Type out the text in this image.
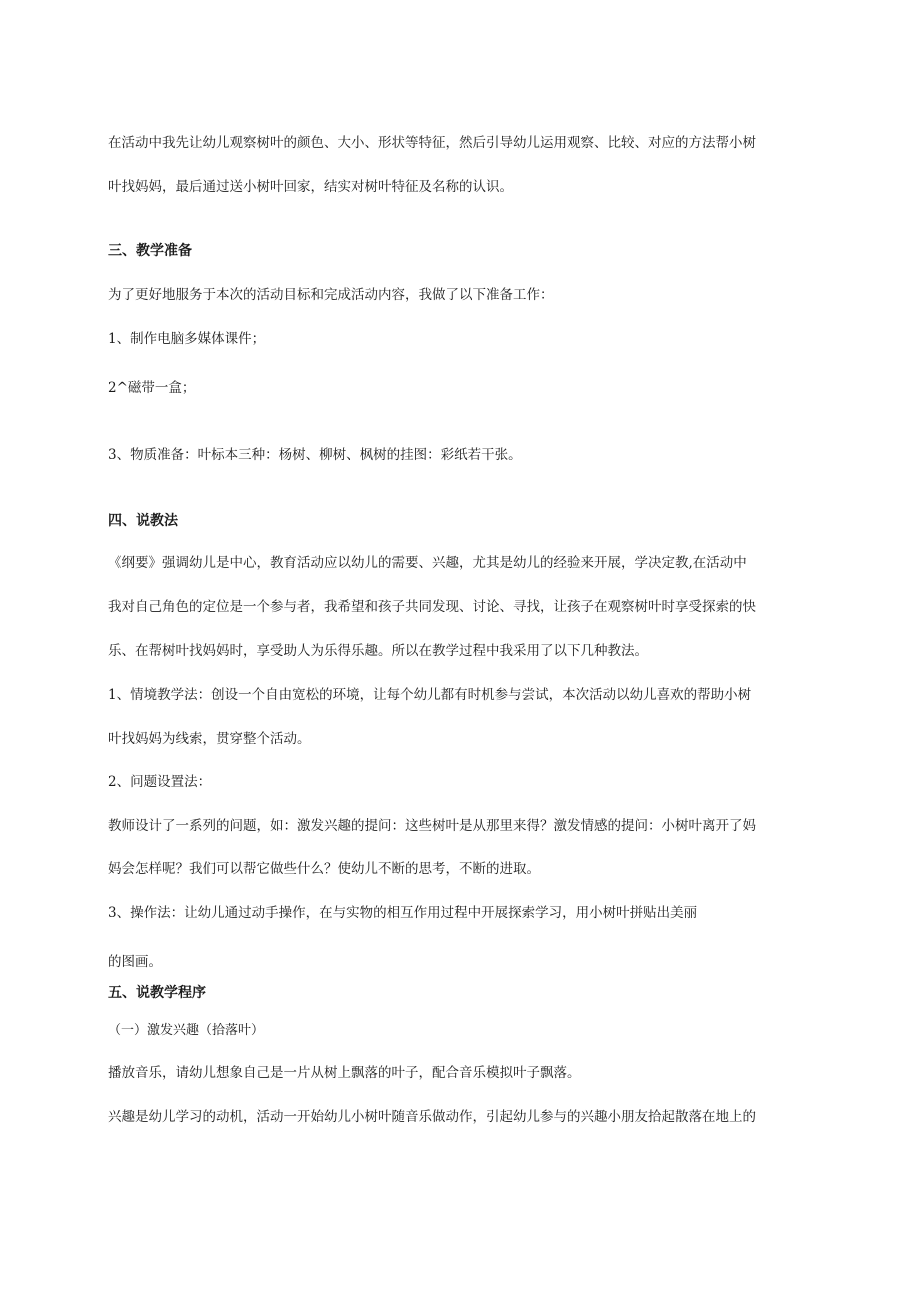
在活动中我先让幼儿观察树叶的颜色、大小、形状等特征，然后引导幼儿运用观察、比较、对应的方法帮小树

叶找妈妈，最后通过送小树叶回家，结实对树叶特征及名称的认识。

三、教学准备

为了更好地服务于本次的活动目标和完成活动内容，我做了以下准备工作：

1、制作电脑多媒体课件；

2^磁带一盒；

3、物质准备：叶标本三种：杨树、柳树、枫树的挂图：彩纸若干张。

四、说教法

《纲要》强调幼儿是中心，教育活动应以幼儿的需要、兴趣，尤其是幼儿的经验来开展，学决定教,在活动中

我对自己角色的定位是一个参与者，我希望和孩子共同发现、讨论、寻找，让孩子在观察树叶时享受探索的快

乐、在帮树叶找妈妈时，享受助人为乐得乐趣。所以在教学过程中我采用了以下几种教法。

1、情境教学法：创设一个自由宽松的环境，让每个幼儿都有时机参与尝试，本次活动以幼儿喜欢的帮助小树

叶找妈妈为线索，贯穿整个活动。

2、问题设置法：

教师设计了一系列的问题，如：激发兴趣的提问：这些树叶是从那里来得？激发情感的提问：小树叶离开了妈

妈会怎样呢？我们可以帮它做些什么？使幼儿不断的思考，不断的进取。

3、操作法：让幼儿通过动手操作，在与实物的相互作用过程中开展探索学习，用小树叶拼贴出美丽

的图画。

五、说教学程序

（一）激发兴趣（拾落叶）

播放音乐，请幼儿想象自己是一片从树上飘落的叶子，配合音乐模拟叶子飘落。

兴趣是幼儿学习的动机，活动一开始幼儿小树叶随音乐做动作，引起幼儿参与的兴趣小朋友拾起散落在地上的
